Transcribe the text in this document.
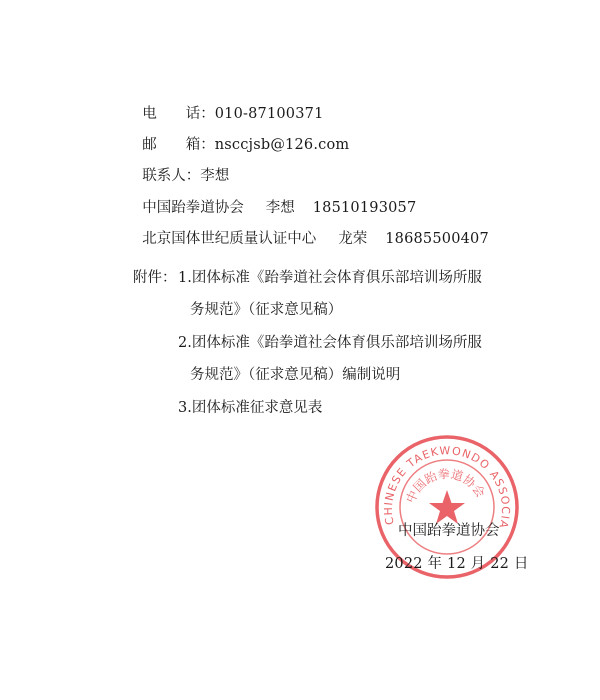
电　　话：010-87100371

邮　　箱：nsccjsb@126.com

联系人：李想

中国跆拳道协会 李想 18510193057

北京国体世纪质量认证中心 龙荣 18685500407

附件： 1.团体标准《跆拳道社会体育俱乐部培训场所服
务规范》（征求意见稿）
2.团体标准《跆拳道社会体育俱乐部培训场所服
务规范》（征求意见稿）编制说明
3.团体标准征求意见表
CHINESE TAEKWONDO ASSOCIA
中国跆拳道协会
中国跆拳道协会
2022 年 12 月 22 日
